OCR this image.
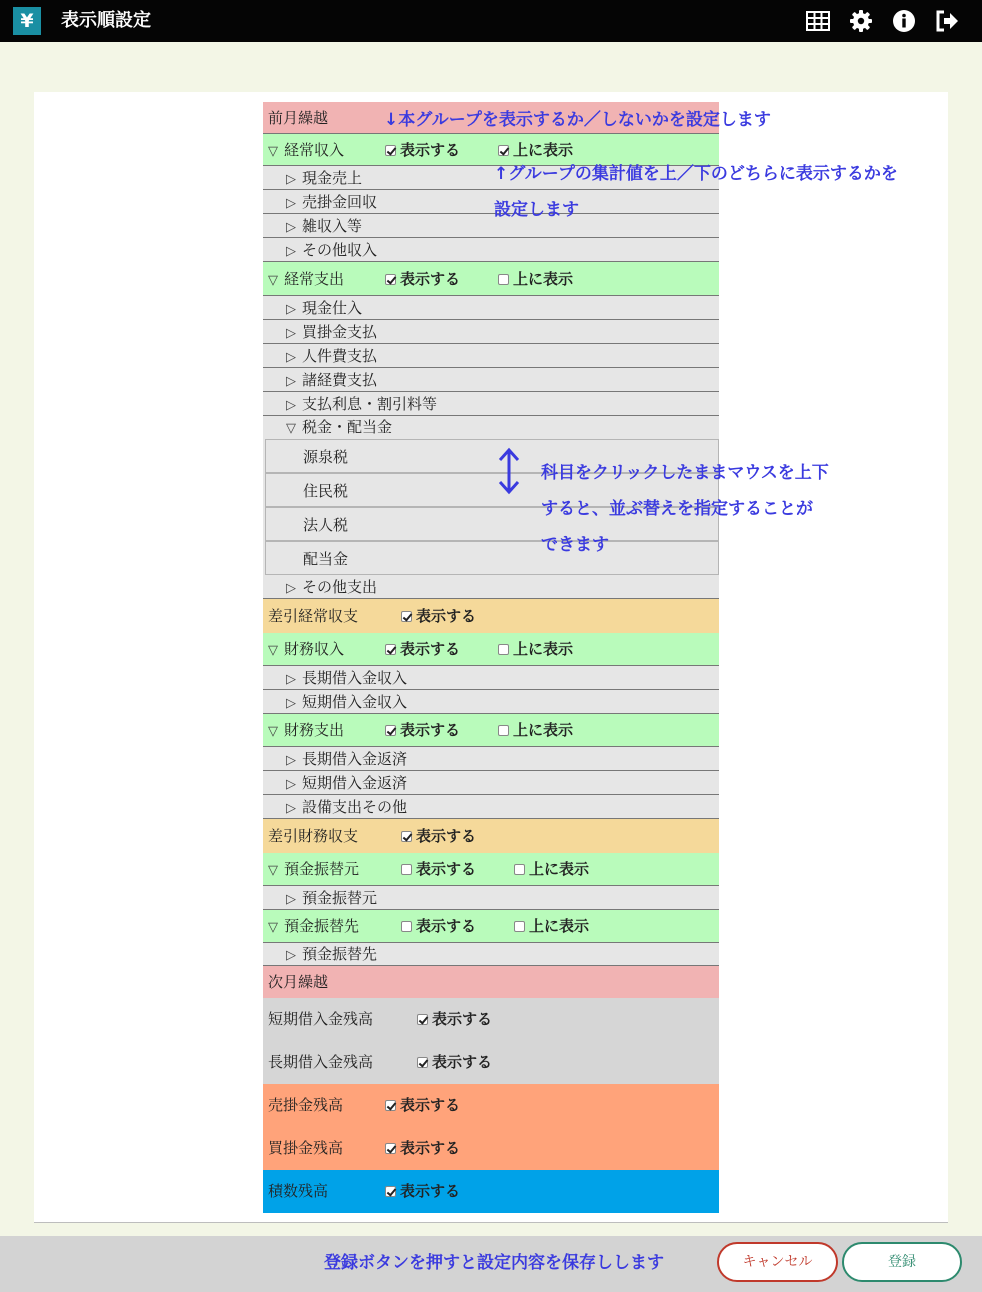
¥	表示順設定
前月繰越
▽ 経常収入	表示する	上に表示
▷ 現金売上
▷ 売掛金回収
▷ 雑収入等
▷ その他収入
▽ 経常支出	表示する	上に表示
▷ 現金仕入
▷ 買掛金支払
▷ 人件費支払
▷ 諸経費支払
▷ 支払利息・割引料等
▽ 税金・配当金
源泉税
住民税
法人税
配当金
▷ その他支出
差引経常収支	表示する
▽ 財務収入	表示する	上に表示
▷ 長期借入金収入
▷ 短期借入金収入
▽ 財務支出	表示する	上に表示
▷ 長期借入金返済
▷ 短期借入金返済
▷ 設備支出その他
差引財務収支	表示する
▽ 預金振替元	表示する	上に表示
▷ 預金振替元
▽ 預金振替先	表示する	上に表示
▷ 預金振替先
次月繰越
短期借入金残高	表示する
長期借入金残高	表示する
売掛金残高	表示する
買掛金残高	表示する
積数残高	表示する
↓本グループを表示するか／しないかを設定します
↑グループの集計値を上／下のどちらに表示するかを
設定します
科目をクリックしたままマウスを上下
すると、並ぶ替えを指定することが
できます
登録ボタンを押すと設定内容を保存しします	キャンセル	登録
